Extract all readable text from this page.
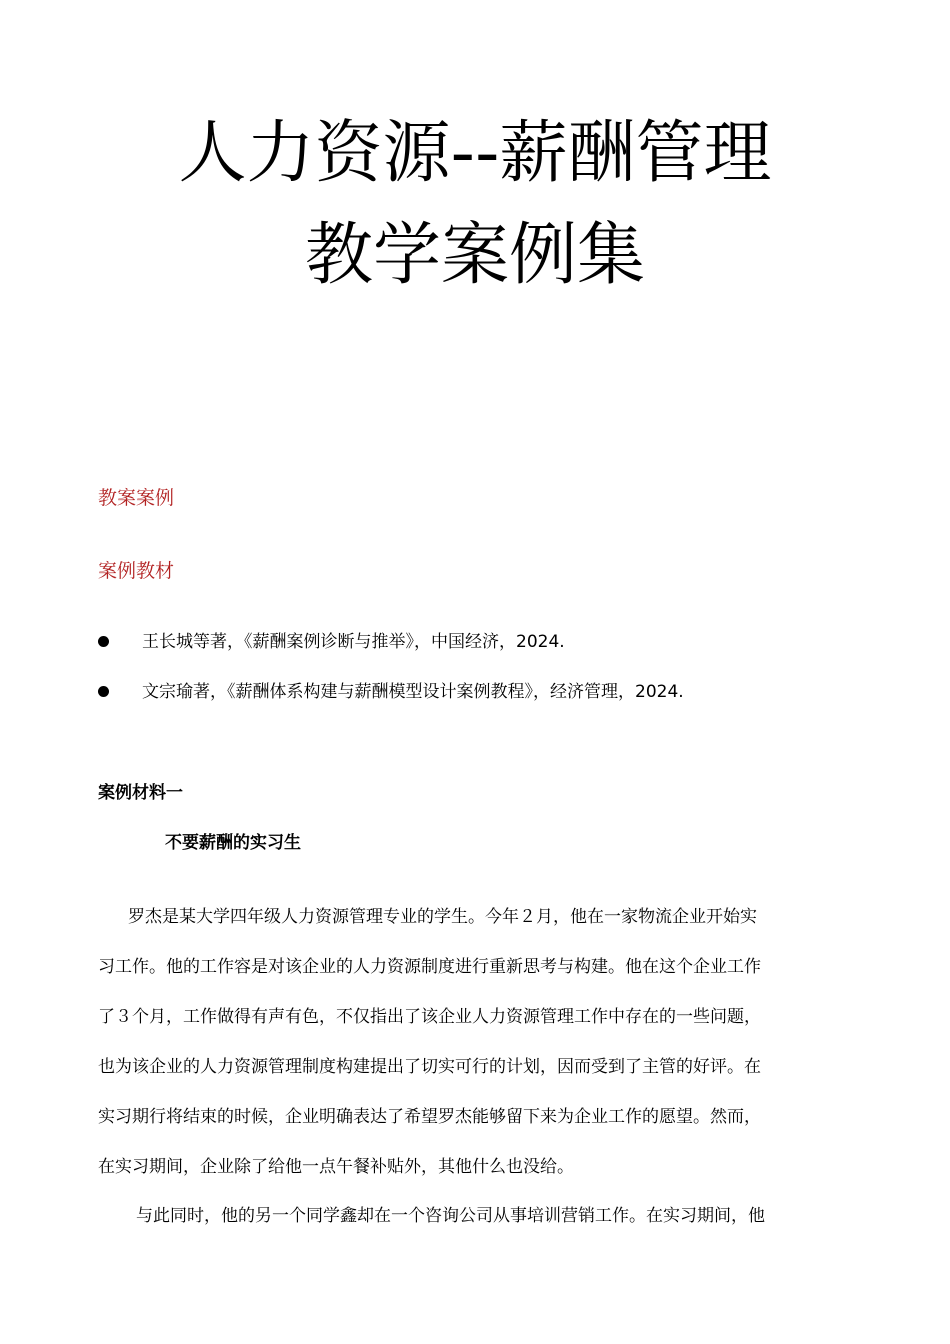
人力资源--薪酬管理
教学案例集
教案案例
案例教材
王长城等著，《薪酬案例诊断与推举》，中国经济，2024.
文宗瑜著，《薪酬体系构建与薪酬模型设计案例教程》，经济管理，2024.
案例材料一
不要薪酬的实习生

罗杰是某大学四年级人力资源管理专业的学生。今年２月，他在一家物流企业开始实
习工作。他的工作容是对该企业的人力资源制度进行重新思考与构建。他在这个企业工作
了３个月，工作做得有声有色，不仅指出了该企业人力资源管理工作中存在的一些问题，
也为该企业的人力资源管理制度构建提出了切实可行的计划，因而受到了主管的好评。在
实习期行将结束的时候，企业明确表达了希望罗杰能够留下来为企业工作的愿望。然而，
在实习期间，企业除了给他一点午餐补贴外，其他什么也没给。

与此同时，他的另一个同学鑫却在一个咨询公司从事培训营销工作。在实习期间，他
